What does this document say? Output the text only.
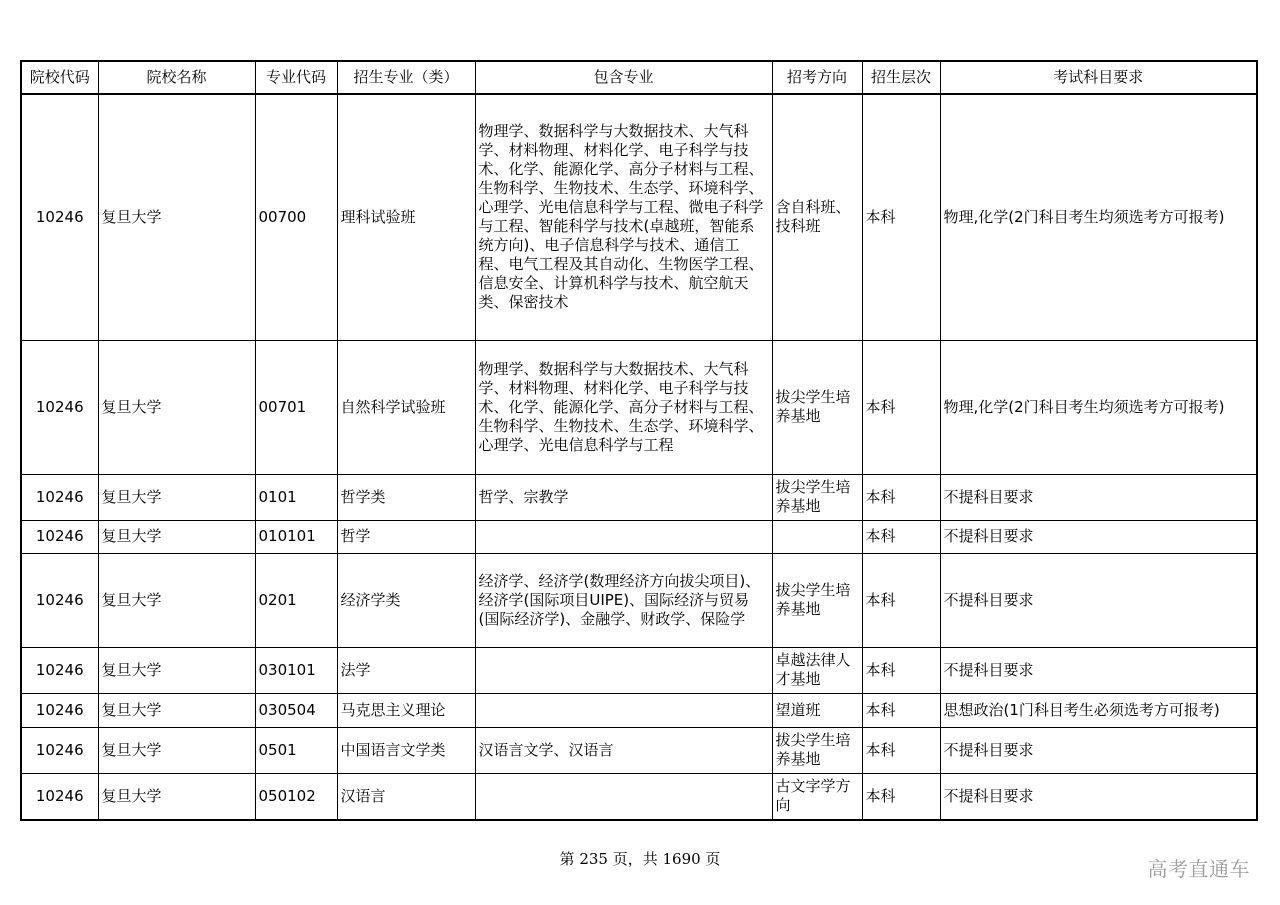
院校代码	院校名称	专业代码	招生专业（类）	包含专业	招考方向	招生层次	考试科目要求
10246	复旦大学	00700	理科试验班	物理学、数据科学与大数据技术、大气科学、材料物理、材料化学、电子科学与技术、化学、能源化学、高分子材料与工程、生物科学、生物技术、生态学、环境科学、心理学、光电信息科学与工程、微电子科学与工程、智能科学与技术(卓越班，智能系统方向)、电子信息科学与技术、通信工程、电气工程及其自动化、生物医学工程、信息安全、计算机科学与技术、航空航天类、保密技术	含自科班、技科班	本科	物理,化学(2门科目考生均须选考方可报考)
10246	复旦大学	00701	自然科学试验班	物理学、数据科学与大数据技术、大气科学、材料物理、材料化学、电子科学与技术、化学、能源化学、高分子材料与工程、生物科学、生物技术、生态学、环境科学、心理学、光电信息科学与工程	拔尖学生培养基地	本科	物理,化学(2门科目考生均须选考方可报考)
10246	复旦大学	0101	哲学类	哲学、宗教学	拔尖学生培养基地	本科	不提科目要求
10246	复旦大学	010101	哲学			本科	不提科目要求
10246	复旦大学	0201	经济学类	经济学、经济学(数理经济方向拔尖项目)、经济学(国际项目UIPE)、国际经济与贸易(国际经济学)、金融学、财政学、保险学	拔尖学生培养基地	本科	不提科目要求
10246	复旦大学	030101	法学		卓越法律人才基地	本科	不提科目要求
10246	复旦大学	030504	马克思主义理论		望道班	本科	思想政治(1门科目考生必须选考方可报考)
10246	复旦大学	0501	中国语言文学类	汉语言文学、汉语言	拔尖学生培养基地	本科	不提科目要求
10246	复旦大学	050102	汉语言		古文字学方向	本科	不提科目要求
第 235 页，共 1690 页	高考直通车
